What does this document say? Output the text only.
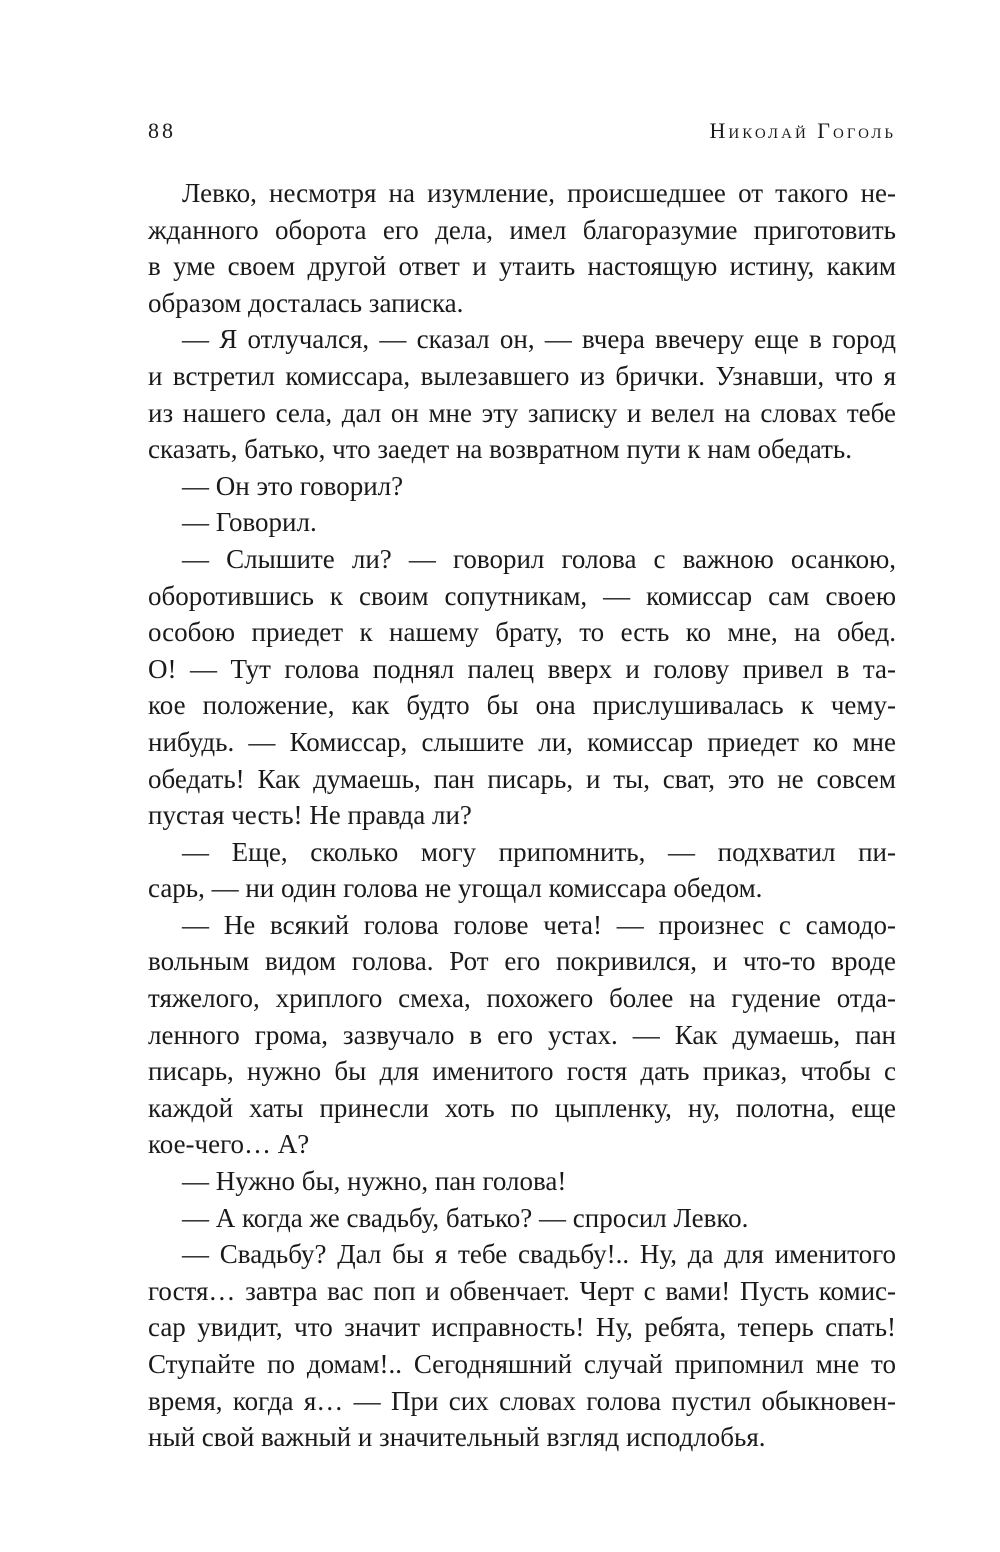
88	Николай Гоголь
Левко, несмотря на изумление, происшедшее от такого не-
жданного оборота его дела, имел благоразумие приготовить
в уме своем другой ответ и утаить настоящую истину, каким
образом досталась записка.
— Я отлучался, — сказал он, — вчера ввечеру еще в город
и встретил комиссара, вылезавшего из брички. Узнавши, что я
из нашего села, дал он мне эту записку и велел на словах тебе
сказать, батько, что заедет на возвратном пути к нам обедать.
— Он это говорил?
— Говорил.
— Слышите ли? — говорил голова с важною осанкою,
оборотившись к своим сопутникам, — комиссар сам своею
особою приедет к нашему брату, то есть ко мне, на обед.
О! — Тут голова поднял палец вверх и голову привел в та-
кое положение, как будто бы она прислушивалась к чему-
нибудь. — Комиссар, слышите ли, комиссар приедет ко мне
обедать! Как думаешь, пан писарь, и ты, сват, это не совсем
пустая честь! Не правда ли?
— Еще, сколько могу припомнить, — подхватил пи-
сарь, — ни один голова не угощал комиссара обедом.
— Не всякий голова голове чета! — произнес с самодо-
вольным видом голова. Рот его покривился, и что-то вроде
тяжелого, хриплого смеха, похожего более на гудение отда-
ленного грома, зазвучало в его устах. — Как думаешь, пан
писарь, нужно бы для именитого гостя дать приказ, чтобы с
каждой хаты принесли хоть по цыпленку, ну, полотна, еще
кое-чего… А?
— Нужно бы, нужно, пан голова!
— А когда же свадьбу, батько? — спросил Левко.
— Свадьбу? Дал бы я тебе свадьбу!.. Ну, да для именитого
гостя… завтра вас поп и обвенчает. Черт с вами! Пусть комис-
сар увидит, что значит исправность! Ну, ребята, теперь спать!
Ступайте по домам!.. Сегодняшний случай припомнил мне то
время, когда я… — При сих словах голова пустил обыкновен-
ный свой важный и значительный взгляд исподлобья.
